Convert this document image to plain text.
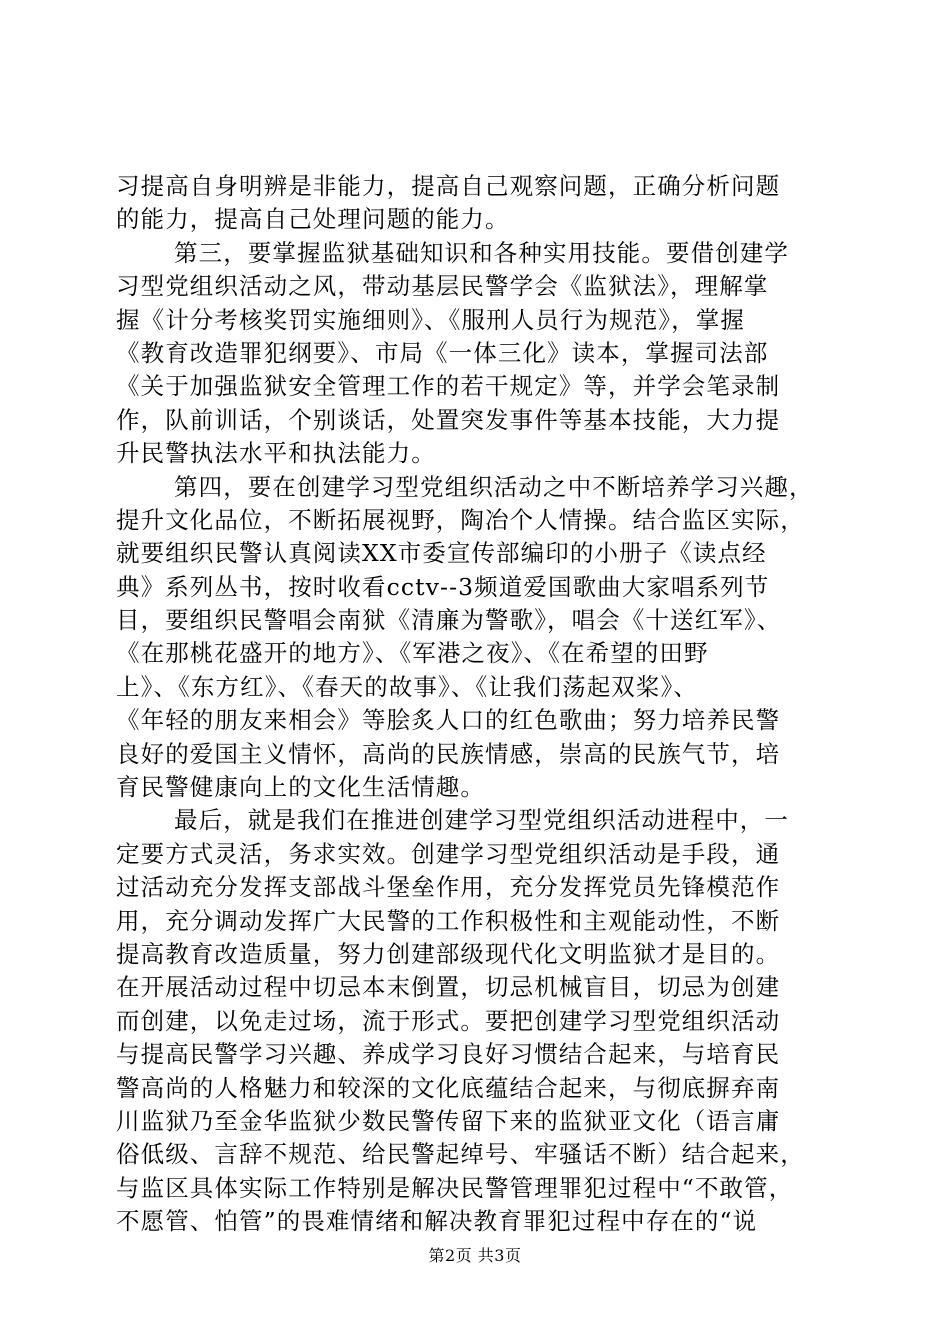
习提高自身明辨是非能力，提高自己观察问题，正确分析问题
的能力，提高自己处理问题的能力。
第三，要掌握监狱基础知识和各种实用技能。要借创建学
习型党组织活动之风，带动基层民警学会《监狱法》，理解掌
握《计分考核奖罚实施细则》、《服刑人员行为规范》，掌握
《教育改造罪犯纲要》、市局《一体三化》读本，掌握司法部
《关于加强监狱安全管理工作的若干规定》等，并学会笔录制
作，队前训话，个别谈话，处置突发事件等基本技能，大力提
升民警执法水平和执法能力。
第四，要在创建学习型党组织活动之中不断培养学习兴趣，
提升文化品位，不断拓展视野，陶冶个人情操。结合监区实际，
就要组织民警认真阅读XX市委宣传部编印的小册子《读点经
典》系列丛书，按时收看cctv--3频道爱国歌曲大家唱系列节
目，要组织民警唱会南狱《清廉为警歌》，唱会《十送红军》、
《在那桃花盛开的地方》、《军港之夜》、《在希望的田野
上》、《东方红》、《春天的故事》、《让我们荡起双桨》、
《年轻的朋友来相会》等脍炙人口的红色歌曲；努力培养民警
良好的爱国主义情怀，高尚的民族情感，崇高的民族气节，培
育民警健康向上的文化生活情趣。
最后，就是我们在推进创建学习型党组织活动进程中，一
定要方式灵活，务求实效。创建学习型党组织活动是手段，通
过活动充分发挥支部战斗堡垒作用，充分发挥党员先锋模范作
用，充分调动发挥广大民警的工作积极性和主观能动性，不断
提高教育改造质量，努力创建部级现代化文明监狱才是目的。
在开展活动过程中切忌本末倒置，切忌机械盲目，切忌为创建
而创建，以免走过场，流于形式。要把创建学习型党组织活动
与提高民警学习兴趣、养成学习良好习惯结合起来，与培育民
警高尚的人格魅力和较深的文化底蕴结合起来，与彻底摒弃南
川监狱乃至金华监狱少数民警传留下来的监狱亚文化（语言庸
俗低级、言辞不规范、给民警起绰号、牢骚话不断）结合起来，
与监区具体实际工作特别是解决民警管理罪犯过程中“不敢管，
不愿管、怕管”的畏难情绪和解决教育罪犯过程中存在的“说
第2页 共3页
